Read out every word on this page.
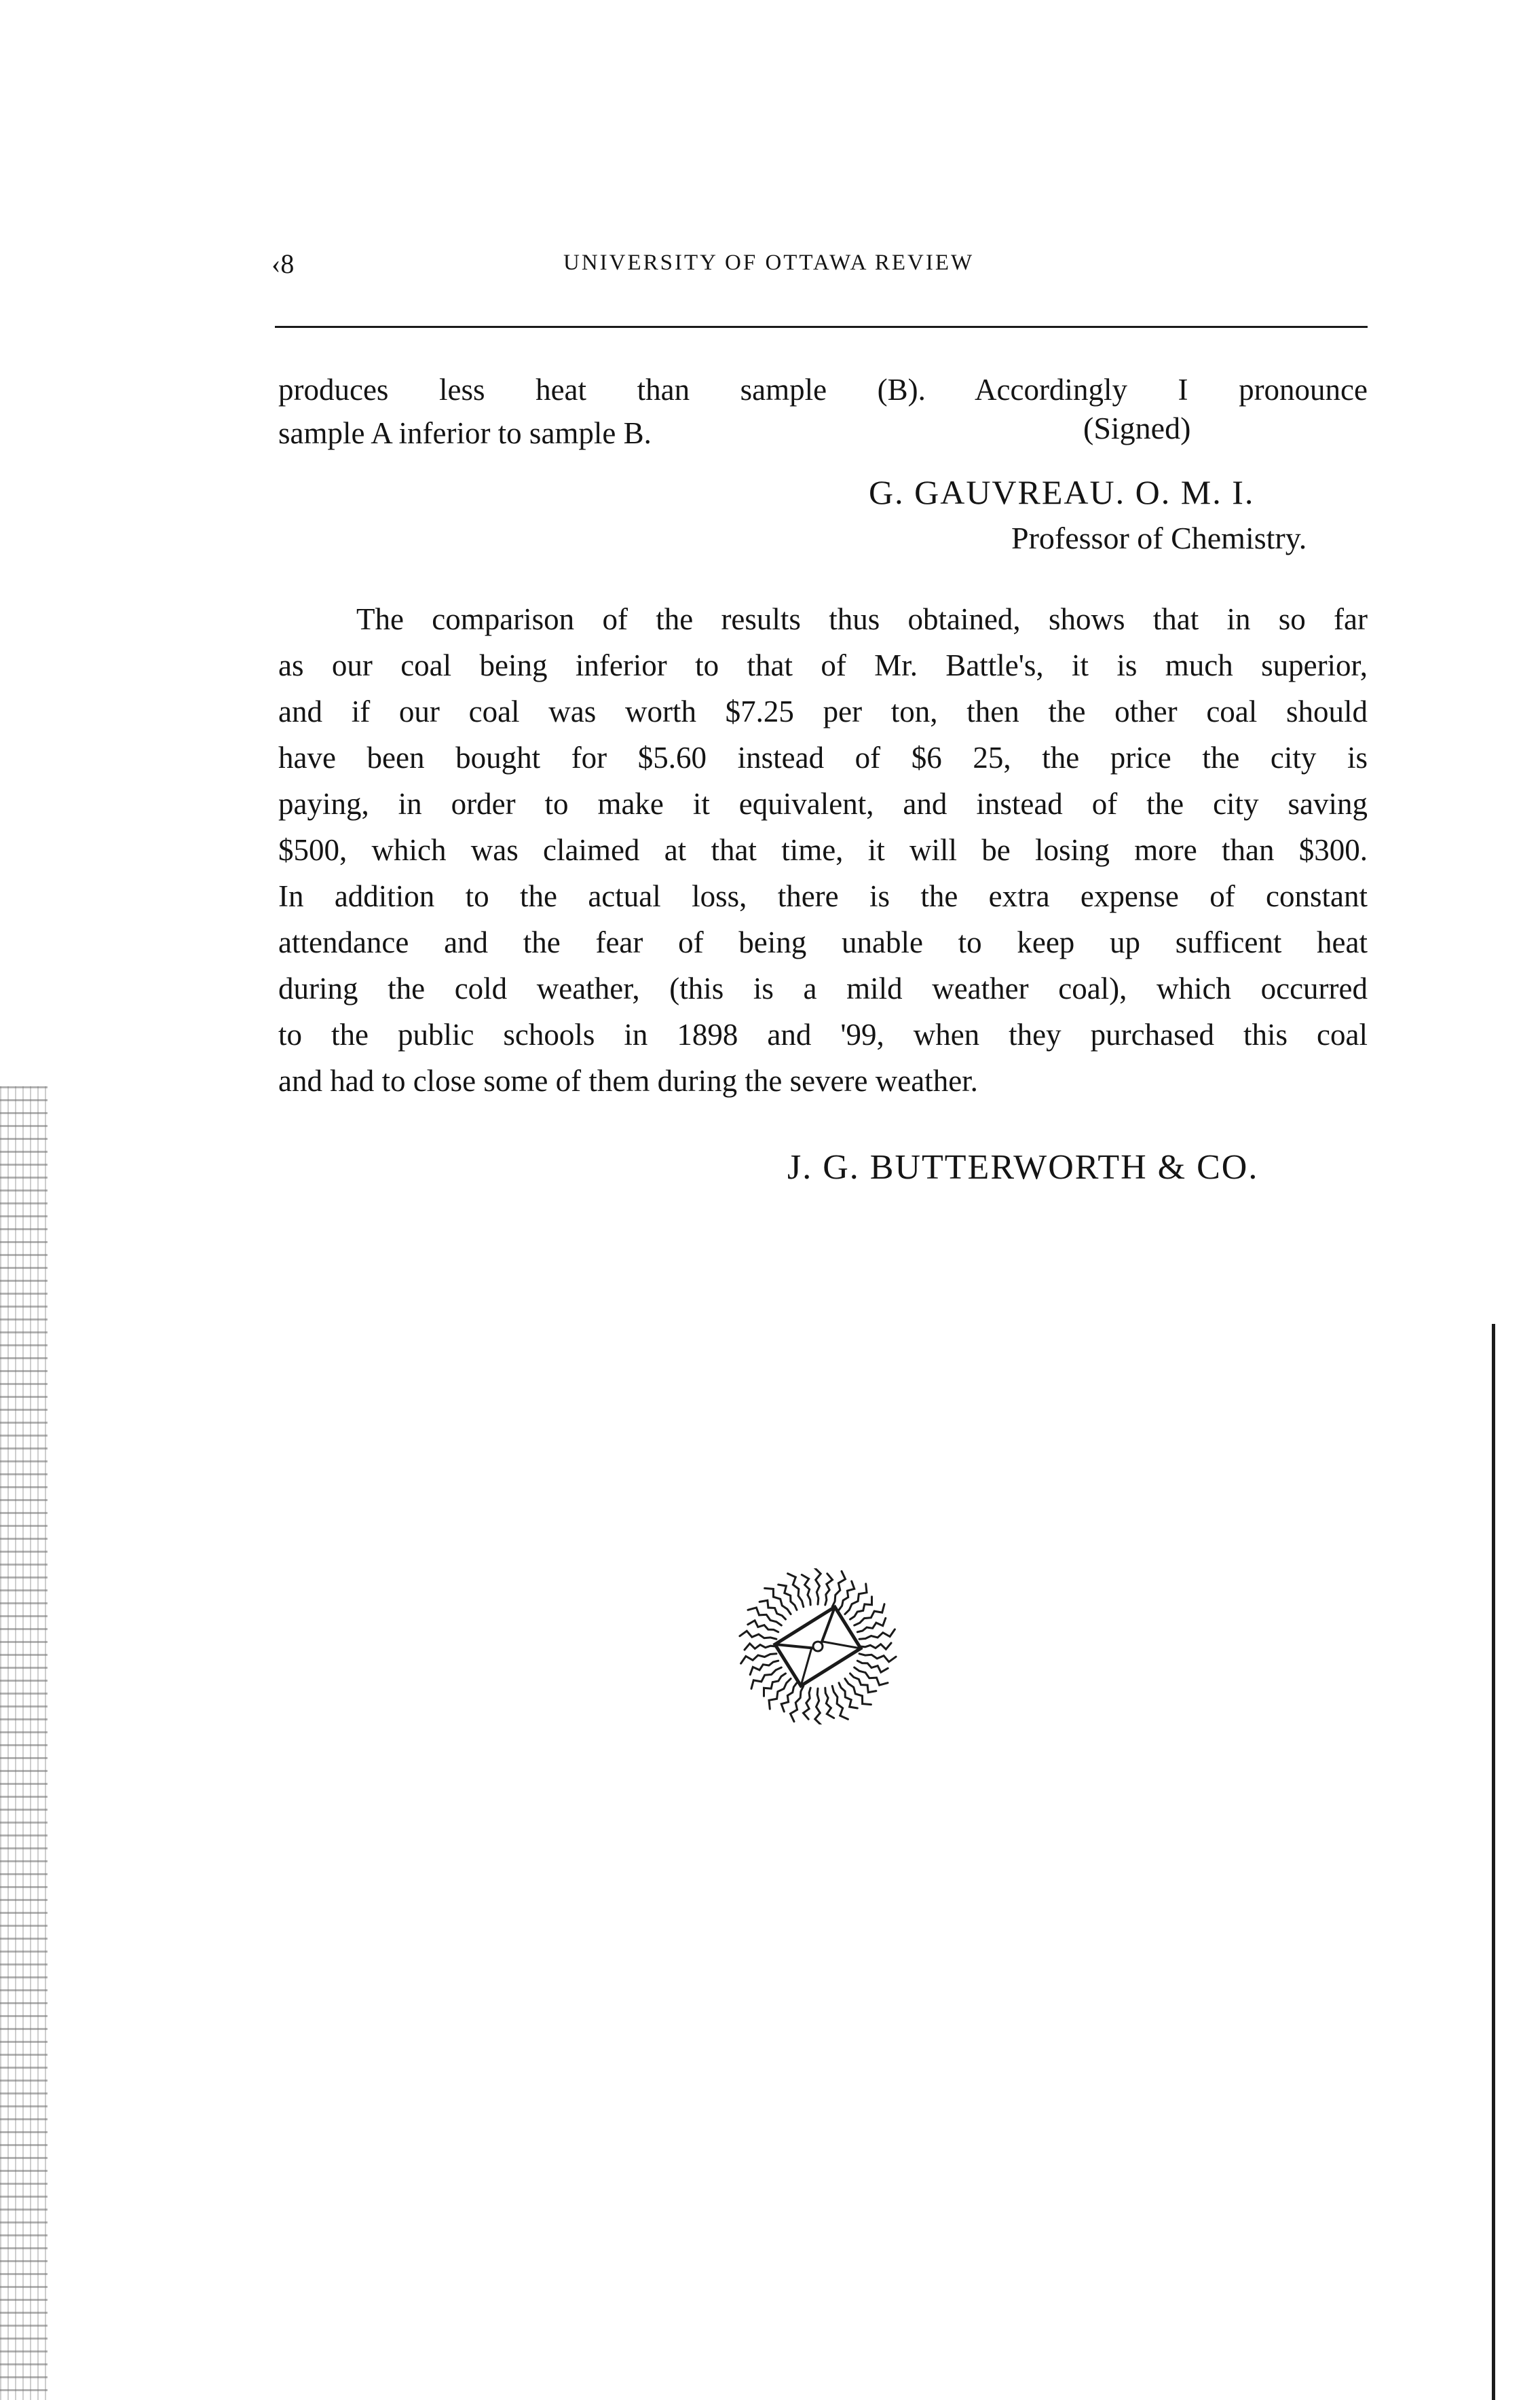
‹8	UNIVERSITY OF OTTAWA REVIEW
produces less heat than sample (B). Accordingly I pronounce
sample A inferior to sample B.	(Signed)
G. GAUVREAU. O. M. I.
Professor of Chemistry.
The comparison of the results thus obtained, shows that in so far
as our coal being inferior to that of Mr. Battle's, it is much superior,
and if our coal was worth $7.25 per ton, then the other coal should
have been bought for $5.60 instead of $6 25, the price the city is
paying, in order to make it equivalent, and instead of the city saving
$500, which was claimed at that time, it will be losing more than $300.
In addition to the actual loss, there is the extra expense of constant
attendance and the fear of being unable to keep up sufficent heat
during the cold weather, (this is a mild weather coal), which occurred
to the public schools in 1898 and '99, when they purchased this coal
and had to close some of them during the severe weather.
J. G. BUTTERWORTH & CO.
